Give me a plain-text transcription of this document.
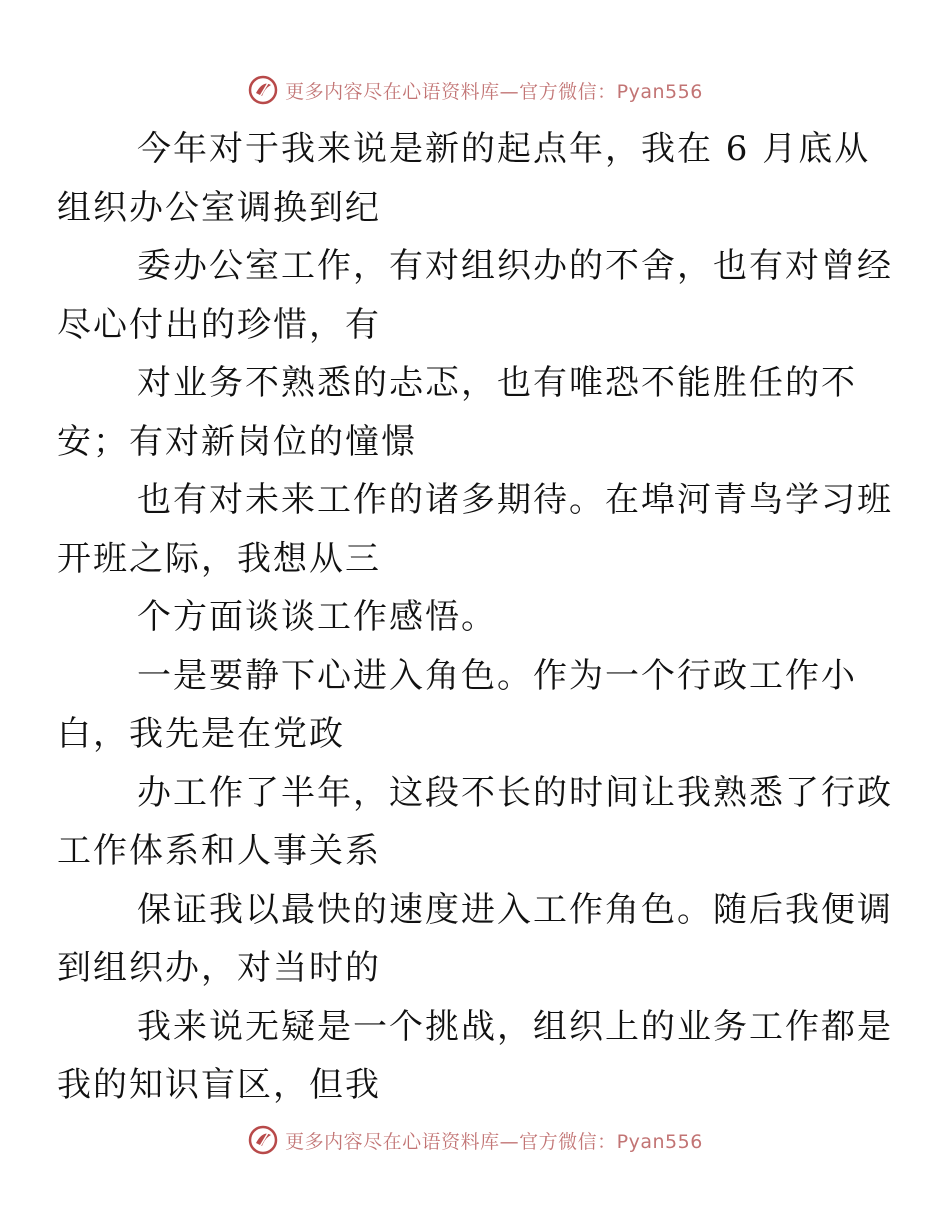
更多内容尽在心语资料库—官方微信：Pyan556

今年对于我来说是新的起点年，我在 6 月底从
组织办公室调换到纪

委办公室工作，有对组织办的不舍，也有对曾经
尽心付出的珍惜，有

对业务不熟悉的忐忑，也有唯恐不能胜任的不
安；有对新岗位的憧憬

也有对未来工作的诸多期待。在埠河青鸟学习班
开班之际，我想从三

个方面谈谈工作感悟。

一是要静下心进入角色。作为一个行政工作小
白，我先是在党政

办工作了半年，这段不长的时间让我熟悉了行政
工作体系和人事关系

保证我以最快的速度进入工作角色。随后我便调
到组织办，对当时的

我来说无疑是一个挑战，组织上的业务工作都是
我的知识盲区，但我

更多内容尽在心语资料库—官方微信：Pyan556
